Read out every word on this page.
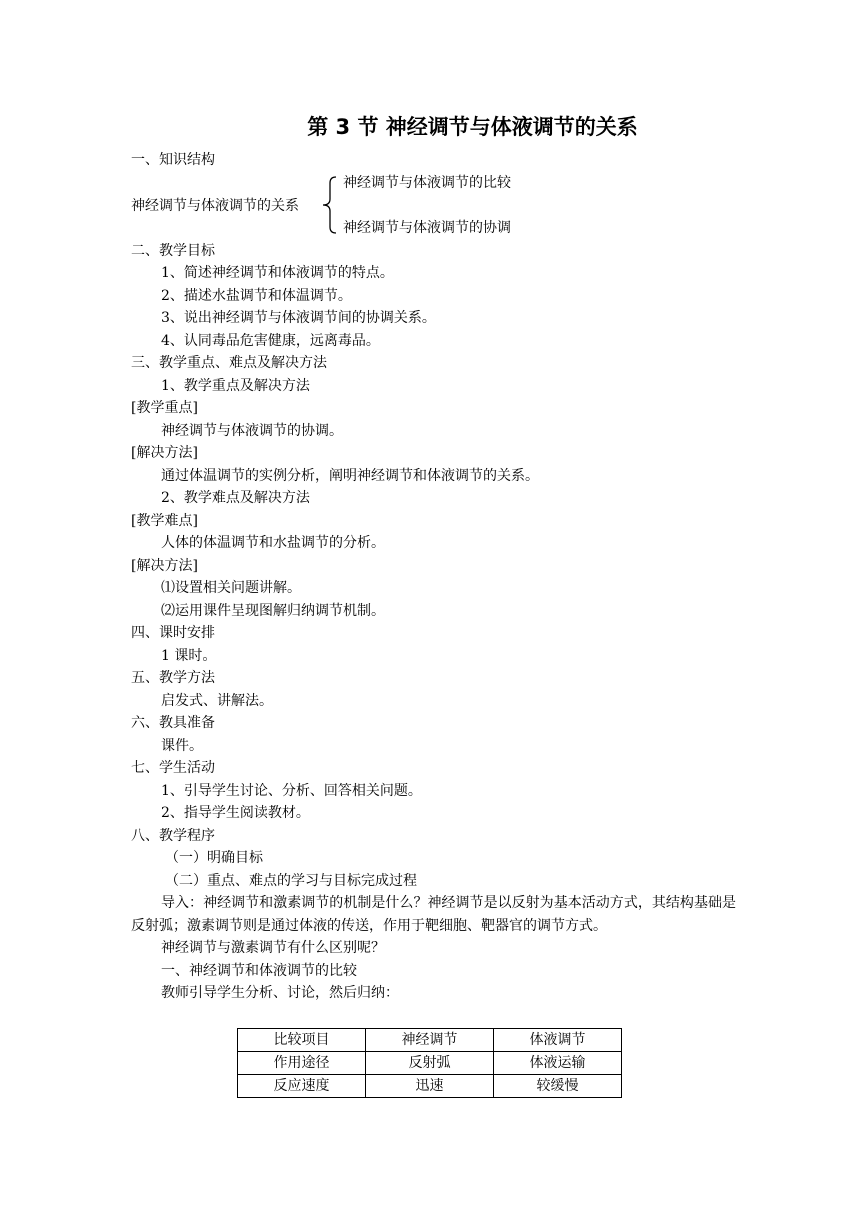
第 3 节 神经调节与体液调节的关系
一、知识结构
神经调节与体液调节的关系
神经调节与体液调节的比较
神经调节与体液调节的协调
二、教学目标
1、简述神经调节和体液调节的特点。
2、描述水盐调节和体温调节。
3、说出神经调节与体液调节间的协调关系。
4、认同毒品危害健康，远离毒品。
三、教学重点、难点及解决方法
1、教学重点及解决方法
[教学重点]
神经调节与体液调节的协调。
[解决方法]
通过体温调节的实例分析，阐明神经调节和体液调节的关系。
2、教学难点及解决方法
[教学难点]
人体的体温调节和水盐调节的分析。
[解决方法]
⑴设置相关问题讲解。
⑵运用课件呈现图解归纳调节机制。
四、课时安排
1 课时。
五、教学方法
启发式、讲解法。
六、教具准备
课件。
七、学生活动
1、引导学生讨论、分析、回答相关问题。
2、指导学生阅读教材。
八、教学程序
（一）明确目标
（二）重点、难点的学习与目标完成过程
导入：神经调节和激素调节的机制是什么？神经调节是以反射为基本活动方式，其结构基础是反射弧；激素调节则是通过体液的传送，作用于靶细胞、靶器官的调节方式。
神经调节与激素调节有什么区别呢？
一、神经调节和体液调节的比较
教师引导学生分析、讨论，然后归纳：
比较项目	神经调节	体液调节
作用途径	反射弧	体液运输
反应速度	迅速	较缓慢
